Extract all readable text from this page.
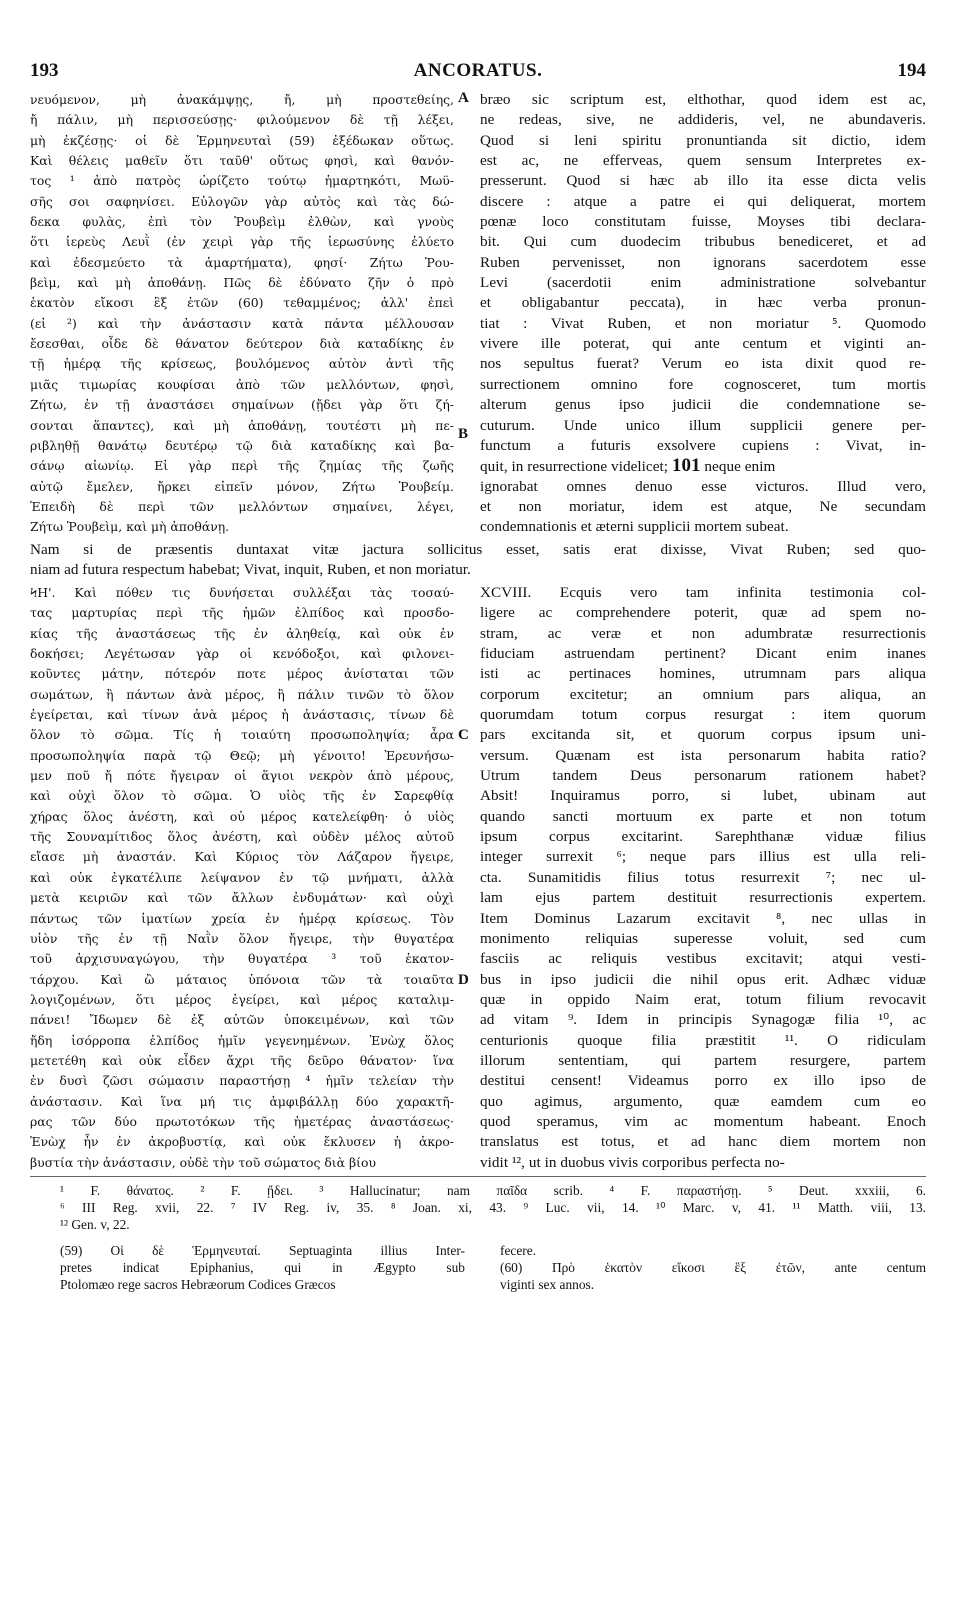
193	ANCORATUS.	194
νευόμενον, μὴ ἀνακάμψῃς, ἤ, μὴ προστεθείης,
ἤ πάλιν, μὴ περισσεύσῃς· φιλούμενον δὲ τῇ λέξει,
μὴ ἐκζέσῃς· οἱ δὲ Ἑρμηνευταὶ (59) ἐξέδωκαν οὕτως.
Καὶ θέλεις μαθεῖν ὅτι ταῦθ' οὕτως φησὶ, καὶ θανόν-
τος ¹ ἀπὸ πατρὸς ὡρίζετο τούτῳ ἡμαρτηκότι, Μωϋ-
σῆς σοι σαφηνίσει. Εὐλογῶν γὰρ αὐτὸς καὶ τὰς δώ-
δεκα φυλὰς, ἐπὶ τὸν Ῥουβεὶμ ἐλθὼν, καὶ γνοὺς
ὅτι ἱερεὺς Λευῒ (ἐν χειρὶ γὰρ τῆς ἱερωσύνης ἐλύετο
καὶ ἐδεσμεύετο τὰ ἁμαρτήματα), φησί· Ζήτω Ῥου-
βεὶμ, καὶ μὴ ἀποθάνῃ. Πῶς δὲ ἐδύνατο ζῆν ὁ πρὸ
ἑκατὸν εἴκοσι ἓξ ἐτῶν (60) τεθαμμένος; ἀλλ' ἐπεὶ
(εἰ ²) καὶ τὴν ἀνάστασιν κατὰ πάντα μέλλουσαν
ἔσεσθαι, οἶδε δὲ θάνατον δεύτερον διὰ καταδίκης ἐν
τῇ ἡμέρᾳ τῆς κρίσεως, βουλόμενος αὐτὸν ἀντὶ τῆς
μιᾶς τιμωρίας κουφίσαι ἀπὸ τῶν μελλόντων, φησὶ,
Ζήτω, ἐν τῇ ἀναστάσει σημαίνων (ᾔδει γὰρ ὅτι ζή-
σονται ἅπαντες), καὶ μὴ ἀποθάνῃ, τουτέστι μὴ πε-
ριβληθῇ θανάτῳ δευτέρῳ τῷ διὰ καταδίκης καὶ βα-
σάνῳ αἰωνίῳ. Εἰ γὰρ περὶ τῆς ζημίας τῆς ζωῆς
αὐτῷ ἔμελεν, ἤρκει εἰπεῖν μόνον, Ζήτω Ῥουβείμ.
Ἐπειδὴ δὲ περὶ τῶν μελλόντων σημαίνει, λέγει,
Ζήτω Ῥουβεὶμ, καὶ μὴ ἀποθάνῃ.
bræo sic scriptum est, elthothar, quod idem est ac,
ne redeas, sive, ne addideris, vel, ne abundaveris.
Quod si leni spiritu pronuntianda sit dictio, idem
est ac, ne efferveas, quem sensum Interpretes ex-
presserunt. Quod si hæc ab illo ita esse dicta velis
discere : atque a patre ei qui deliquerat, mortem
pœnæ loco constitutam fuisse, Moyses tibi declara-
bit. Qui cum duodecim tribubus benediceret, et ad
Ruben pervenisset, non ignorans sacerdotem esse
Levi (sacerdotii enim administratione solvebantur
et obligabantur peccata), in hæc verba pronun-
tiat : Vivat Ruben, et non moriatur ⁵. Quomodo
vivere ille poterat, qui ante centum et viginti an-
nos sepultus fuerat? Verum eo ista dixit quod re-
surrectionem omnino fore cognosceret, tum mortis
alterum genus ipso judicii die condemnatione se-
cuturum. Unde unico illum supplicii genere per-
functum a futuris exsolvere cupiens : Vivat, in-
quit, in resurrectione videlicet; 101 neque enim
ignorabat omnes denuo esse victuros. Illud vero,
et non moriatur, idem est atque, Ne secundam
condemnationis et æterni supplicii mortem subeat.
A
B
Nam si de præsentis duntaxat vitæ jactura sollicitus esset, satis erat dixisse, Vivat Ruben; sed quo-
niam ad futura respectum habebat; Vivat, inquit, Ruben, et non moriatur.
ϞΗ'. Καὶ πόθεν τις δυνήσεται συλλέξαι τὰς τοσαύ-
τας μαρτυρίας περὶ τῆς ἡμῶν ἐλπίδος καὶ προσδο-
κίας τῆς ἀναστάσεως τῆς ἐν ἀληθείᾳ, καὶ οὐκ ἐν
δοκήσει; Λεγέτωσαν γὰρ οἱ κενόδοξοι, καὶ φιλονει-
κοῦντες μάτην, πότερόν ποτε μέρος ἀνίσταται τῶν
σωμάτων, ἢ πάντων ἀνὰ μέρος, ἢ πάλιν τινῶν τὸ ὅλον
ἐγείρεται, καὶ τίνων ἀνὰ μέρος ἡ ἀνάστασις, τίνων δὲ
ὅλον τὸ σῶμα. Τίς ἡ τοιαύτη προσωποληψία; ἆρα
προσωποληψία παρὰ τῷ Θεῷ; μὴ γένοιτο! Ἐρευνήσω-
μεν ποῦ ἤ πότε ἤγειραν οἱ ἅγιοι νεκρὸν ἀπὸ μέρους,
καὶ οὐχὶ ὅλον τὸ σῶμα. Ὁ υἱὸς τῆς ἐν Σαρεφθίᾳ
χήρας ὅλος ἀνέστη, καὶ οὐ μέρος κατελείφθη· ὁ υἱὸς
τῆς Σουναμίτιδος ὅλος ἀνέστη, καὶ οὐδὲν μέλος αὐτοῦ
εἴασε μὴ ἀναστάν. Καὶ Κύριος τὸν Λάζαρον ἤγειρε,
καὶ οὐκ ἐγκατέλιπε λείψανον ἐν τῷ μνήματι, ἀλλὰ
μετὰ κειριῶν καὶ τῶν ἄλλων ἐνδυμάτων· καὶ οὐχὶ
πάντως τῶν ἱματίων χρεία ἐν ἡμέρᾳ κρίσεως. Τὸν
υἱὸν τῆς ἐν τῇ Ναῒν ὅλον ἤγειρε, τὴν θυγατέρα
τοῦ ἀρχισυναγώγου, τὴν θυγατέρα ³ τοῦ ἑκατον-
τάρχου. Καὶ ὢ μάταιος ὑπόνοια τῶν τὰ τοιαῦτα
λογιζομένων, ὅτι μέρος ἐγείρει, καὶ μέρος καταλιμ-
πάνει! Ἴδωμεν δὲ ἐξ αὐτῶν ὑποκειμένων, καὶ τῶν
ἤδη ἰσόρροπα ἐλπίδος ἡμῖν γεγενημένων. Ἐνὼχ ὅλος
μετετέθη καὶ οὐκ εἶδεν ἄχρι τῆς δεῦρο θάνατον· ἵνα
ἐν δυσὶ ζῶσι σώμασιν παραστήσῃ ⁴ ἡμῖν τελείαν τὴν
ἀνάστασιν. Καὶ ἵνα μή τις ἀμφιβάλλῃ δύο χαρακτῆ-
ρας τῶν δύο πρωτοτόκων τῆς ἡμετέρας ἀναστάσεως·
Ἐνὼχ ἦν ἐν ἀκροβυστίᾳ, καὶ οὐκ ἔκλυσεν ἡ ἀκρο-
βυστία τὴν ἀνάστασιν, οὐδὲ τὴν τοῦ σώματος διὰ βίου
XCVIII. Ecquis vero tam infinita testimonia col-
ligere ac comprehendere poterit, quæ ad spem no-
stram, ac veræ et non adumbratæ resurrectionis
fiduciam astruendam pertinent? Dicant enim inanes
isti ac pertinaces homines, utrumnam pars aliqua
corporum excitetur; an omnium pars aliqua, an
quorumdam totum corpus resurgat : item quorum
pars excitanda sit, et quorum corpus ipsum uni-
versum. Quænam est ista personarum habita ratio?
Utrum tandem Deus personarum rationem habet?
Absit! Inquiramus porro, si lubet, ubinam aut
quando sancti mortuum ex parte et non totum
ipsum corpus excitarint. Sarephthanæ viduæ filius
integer surrexit ⁶; neque pars illius est ulla reli-
cta. Sunamitidis filius totus resurrexit ⁷; nec ul-
lam ejus partem destituit resurrectionis expertem.
Item Dominus Lazarum excitavit ⁸, nec ullas in
monimento reliquias superesse voluit, sed cum
fasciis ac reliquis vestibus excitavit; atqui vesti-
bus in ipso judicii die nihil opus erit. Adhæc viduæ
quæ in oppido Naim erat, totum filium revocavit
ad vitam ⁹. Idem in principis Synagogæ filia ¹⁰, ac
centurionis quoque filia præstitit ¹¹. O ridiculam
illorum sententiam, qui partem resurgere, partem
destitui censent! Videamus porro ex illo ipso de
quo agimus, argumento, quæ eamdem cum eo
quod speramus, vim ac momentum habeant. Enoch
translatus est totus, et ad hanc diem mortem non
vidit ¹², ut in duobus vivis corporibus perfecta no-
C
D
¹ F. θάνατος. ² F. ᾔδει. ³ Hallucinatur; nam παῖδα scrib. ⁴ F. παραστήσῃ. ⁵ Deut. xxxiii, 6.
⁶ III Reg. xvii, 22. ⁷ IV Reg. iv, 35. ⁸ Joan. xi, 43. ⁹ Luc. vii, 14. ¹⁰ Marc. v, 41. ¹¹ Matth. viii, 13.
¹² Gen. v, 22.
(59) Οἱ δὲ Ἑρμηνευταί. Septuaginta illius Inter-
pretes indicat Epiphanius, qui in Ægypto sub
Ptolomæo rege sacros Hebræorum Codices Græcos
fecere.
(60) Πρὸ ἑκατὸν εἴκοσι ἓξ ἐτῶν, ante centum
viginti sex annos.
